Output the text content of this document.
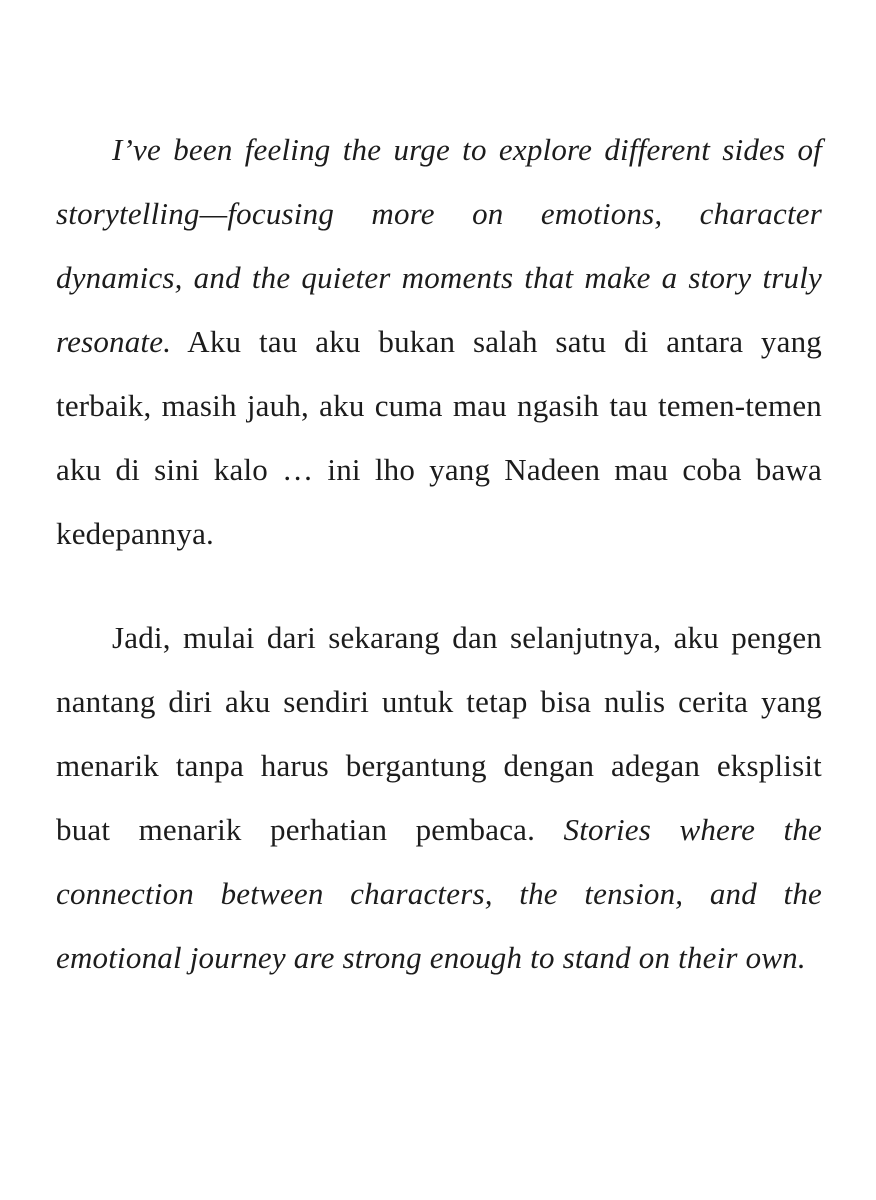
I’ve been feeling the urge to explore different sides of storytelling—focusing more on emotions, character dynamics, and the quieter moments that make a story truly resonate. Aku tau aku bukan salah satu di antara yang terbaik, masih jauh, aku cuma mau ngasih tau temen-temen aku di sini kalo … ini lho yang Nadeen mau coba bawa kedepannya.

Jadi, mulai dari sekarang dan selanjutnya, aku pengen nantang diri aku sendiri untuk tetap bisa nulis cerita yang menarik tanpa harus bergantung dengan adegan eksplisit buat menarik perhatian pembaca. Stories where the connection between characters, the tension, and the emotional journey are strong enough to stand on their own.
